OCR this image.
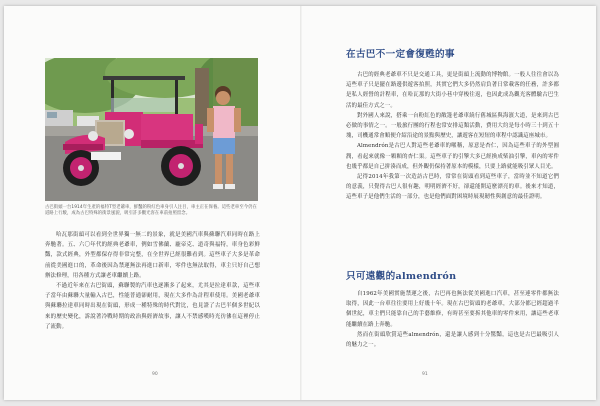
古巴街頭一台1914年生產的福特T型老爺車，鮮豔的粉紅色車身引人注目，車主正在保養。這些老車至今仍在道路上行駛，成為古巴特殊的街景風貌，吸引許多觀光客在車前拍照留念。

哈瓦那街頭可以看到全世界獨一無二的景象，就是美國汽車與蘇聯汽車同時在路上奔馳著。五、六〇年代的經典老爺車，例如雪佛蘭、龐帝克、道奇與福特，車身色彩鮮豔，款式經典，外型都保存得非常完整，在全世界已經很難看到。這些車子大多是革命前從美國進口的，革命後因為禁運無法再進口新車，零件也無法取得，車主只好自己想辦法修理，用各種方式讓老車繼續上路。

不過近年來在古巴街頭，蘇聯製的汽車也逐漸多了起來，尤其是拉達車款，這些車子當年由蘇聯大量輸入古巴，性能普通卻耐用，現在大多作為計程車使用。美國老爺車與蘇聯拉達車同時出現在街頭，形成一種特殊的時代對比，也見證了古巴半個多世紀以來的歷史變化，訴說著冷戰時期的政治與經濟故事，讓人不禁感嘆時光彷彿在這裡停止了流動。

90
在古巴不一定會復甦的事

古巴的經典老爺車不只是交通工具，更是街頭上流動的博物館。一般人往往會以為這些車子只是擺在路邊供遊客拍照，其實它們大多仍然肩負著日常載客的任務，許多都是私人經營的計程車，在哈瓦那的大街小巷中穿梭往返，也因此成為觀光客體驗古巴生活的最佳方式之一。

對外國人來說，搭乘一台粉紅色的敞篷老爺車繞行舊城區與海濱大道，是來到古巴必做的事情之一。一般旅行團的行程也常安排這類活動，費用大約是每小時三十到五十塊，司機通常會順便介紹沿途的景點與歷史，讓遊客在短短的車程中認識這座城市。

Almendrón是古巴人對這些老爺車的暱稱，原意是杏仁，因為這些車子的外型圓潤，看起來就像一顆顆的杏仁果。這些車子的引擎大多已經換成柴油引擎，車內的零件也幾乎都是自己拼湊而成，但外觀仍保持著原本的模樣，只要上路就能吸引眾人目光。

記得2014年我第一次造訪古巴時，常常在街頭看到這些車子，當時並不知道它們的意義，只覺得古巴人很有趣，明明經濟不好，卻還能開這麼漂亮的車。後來才知道，這些車子是他們生活的一部分，也是他們面對困境時展現韌性與創意的最佳證明。

只可遠觀的almendrón

自1962年美國實施禁運之後，古巴再也無法從美國進口汽車，甚至連零件都無法取得，因此一台車往往要用上好幾十年。現在古巴街頭的老爺車，大部分都已經超過半個世紀，車主們只能靠自己的手藝維修，有時甚至要拆其他車的零件來用，讓這些老車能繼續在路上奔馳。

然而在街頭欣賞這些almendrón，還是讓人感到十分驚豔，這也是古巴最吸引人的魅力之一。

91
